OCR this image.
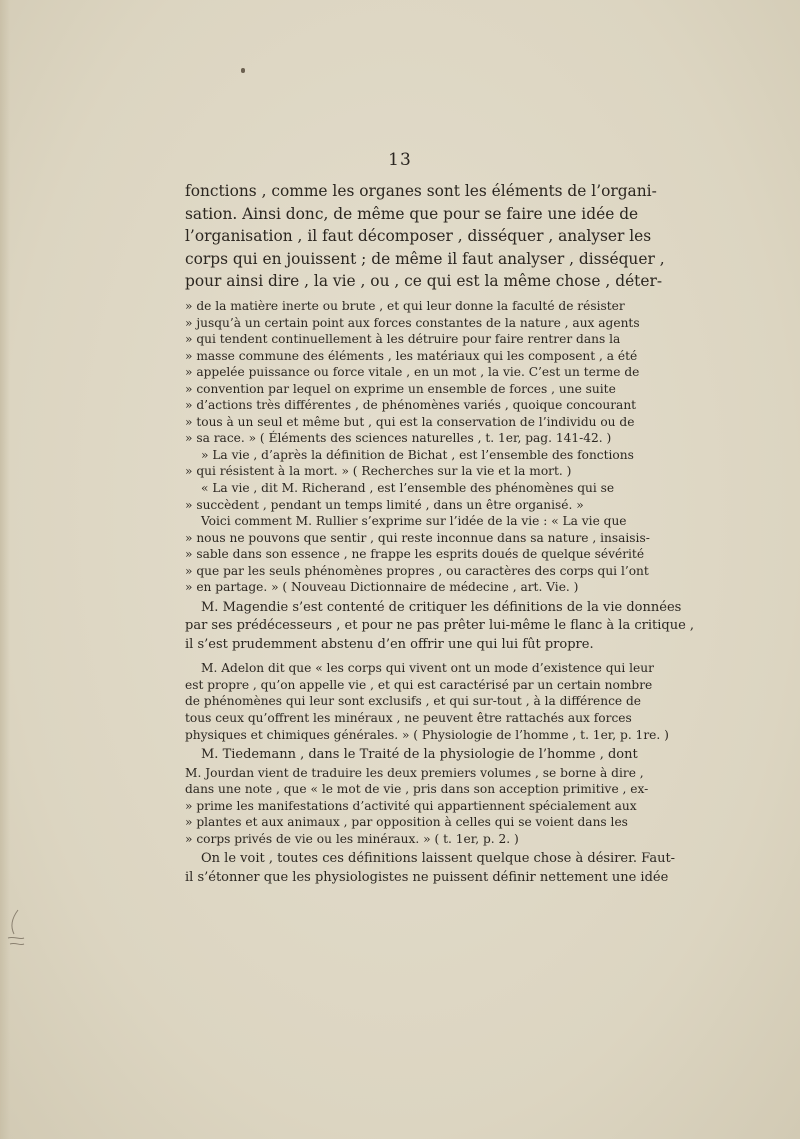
13
fonctions , comme les organes sont les éléments de l’organi-
sation. Ainsi donc, de même que pour se faire une idée de
l’organisation , il faut décomposer , disséquer , analyser les
corps qui en jouissent ; de même il faut analyser , disséquer ,
pour ainsi dire , la vie , ou , ce qui est la même chose , déter-
» de la matière inerte ou brute , et qui leur donne la faculté de résister
» jusqu’à un certain point aux forces constantes de la nature , aux agents
» qui tendent continuellement à les détruire pour faire rentrer dans la
» masse commune des éléments , les matériaux qui les composent , a été
» appelée puissance ou force vitale , en un mot , la vie. C’est un terme de
» convention par lequel on exprime un ensemble de forces , une suite
» d’actions très différentes , de phénomènes variés , quoique concourant
» tous à un seul et même but , qui est la conservation de l’individu ou de
» sa race. » ( Éléments des sciences naturelles , t. 1er, pag. 141-42. )
» La vie , d’après la définition de Bichat , est l’ensemble des fonctions
» qui résistent à la mort. » ( Recherches sur la vie et la mort. )
« La vie , dit M. Richerand , est l’ensemble des phénomènes qui se
» succèdent , pendant un temps limité , dans un être organisé. »
Voici comment M. Rullier s’exprime sur l’idée de la vie : « La vie que
» nous ne pouvons que sentir , qui reste inconnue dans sa nature , insaisis-
» sable dans son essence , ne frappe les esprits doués de quelque sévérité
» que par les seuls phénomènes propres , ou caractères des corps qui l’ont
» en partage. » ( Nouveau Dictionnaire de médecine , art. Vie. )
M. Magendie s’est contenté de critiquer les définitions de la vie données
par ses prédécesseurs , et pour ne pas prêter lui-même le flanc à la critique ,
il s’est prudemment abstenu d’en offrir une qui lui fût propre.
M. Adelon dit que « les corps qui vivent ont un mode d’existence qui leur
est propre , qu’on appelle vie , et qui est caractérisé par un certain nombre
de phénomènes qui leur sont exclusifs , et qui sur-tout , à la différence de
tous ceux qu’offrent les minéraux , ne peuvent être rattachés aux forces
physiques et chimiques générales. » ( Physiologie de l’homme , t. 1er, p. 1re. )
M. Tiedemann , dans le Traité de la physiologie de l’homme , dont
M. Jourdan vient de traduire les deux premiers volumes , se borne à dire ,
dans une note , que « le mot de vie , pris dans son acception primitive , ex-
» prime les manifestations d’activité qui appartiennent spécialement aux
» plantes et aux animaux , par opposition à celles qui se voient dans les
» corps privés de vie ou les minéraux. » ( t. 1er, p. 2. )
On le voit , toutes ces définitions laissent quelque chose à désirer. Faut-
il s’étonner que les physiologistes ne puissent définir nettement une idée
